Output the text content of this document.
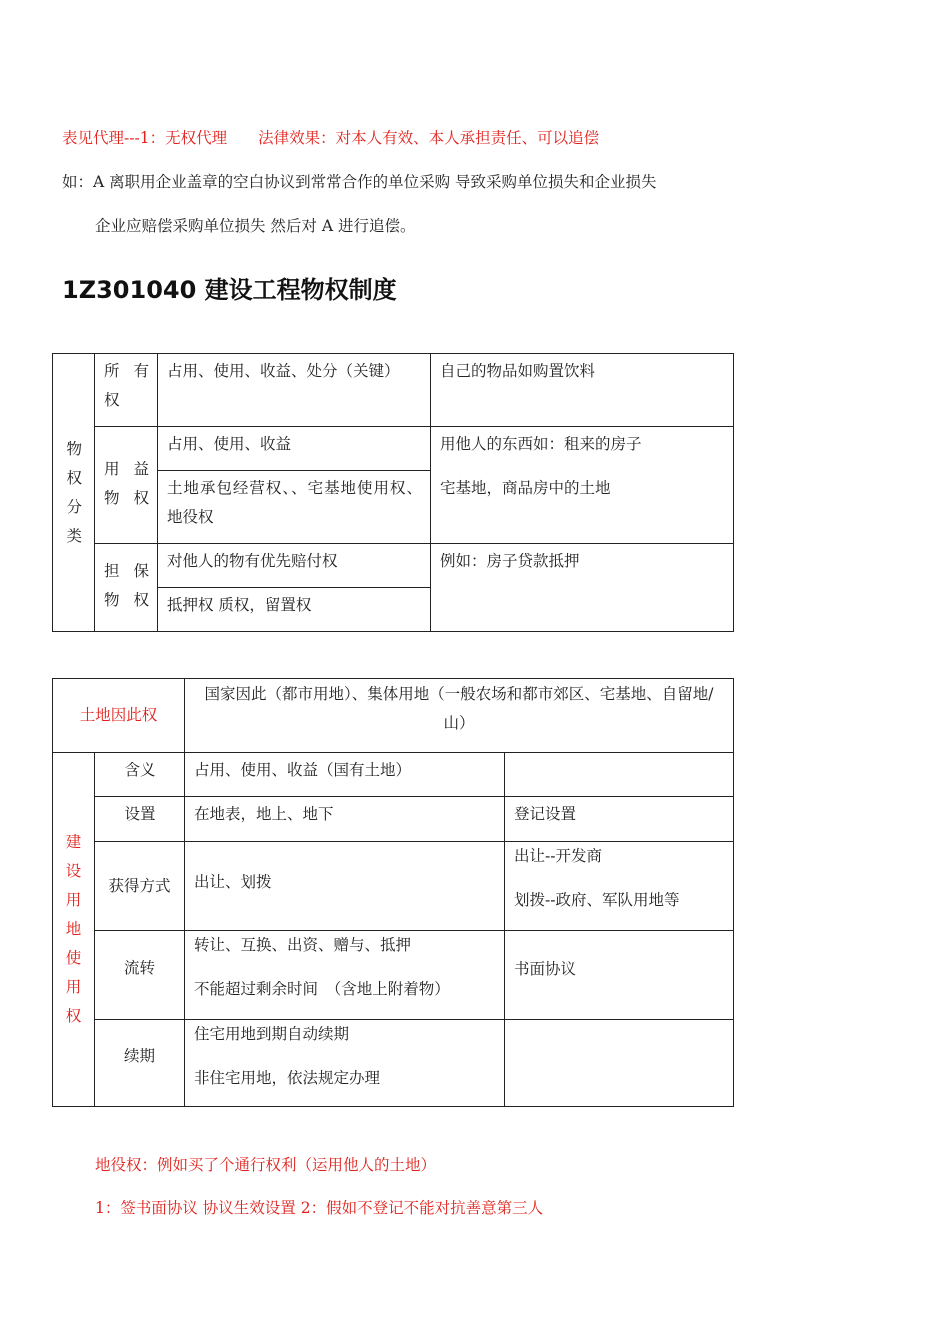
表见代理---1：无权代理　　法律效果：对本人有效、本人承担责任、可以追偿
如：A 离职用企业盖章的空白协议到常常合作的单位采购 导致采购单位损失和企业损失
企业应赔偿采购单位损失 然后对 A 进行追偿。
1Z301040 建设工程物权制度
物权分类	所有权	占用、使用、收益、处分（关键）	自己的物品如购置饮料
	用益物权	占用、使用、收益	用他人的东西如：租来的房子
宅基地，商品房中的土地

		土地承包经营权、、宅基地使用权、地役权	
	担保物权	对他人的物有优先赔付权	例如：房子贷款抵押
		抵押权 质权，留置权	
土地因此权		国家因此（都市用地）、集体用地（一般农场和都市郊区、宅基地、自留地/山）	

建设用地使用权	含义	占用、使用、收益（国有土地）	
	设置	在地表，地上、地下	登记设置
	获得方式	出让、划拨	出让--开发商
划拨--政府、军队用地等

	流转	转让、互换、出资、赠与、抵押
不能超过剩余时间　（含地上附着物）	书面协议
	续期	住宅用地到期自动续期
非住宅用地，依法规定办理	

地役权：例如买了个通行权利（运用他人的土地）
1：签书面协议 协议生效设置 2：假如不登记不能对抗善意第三人
